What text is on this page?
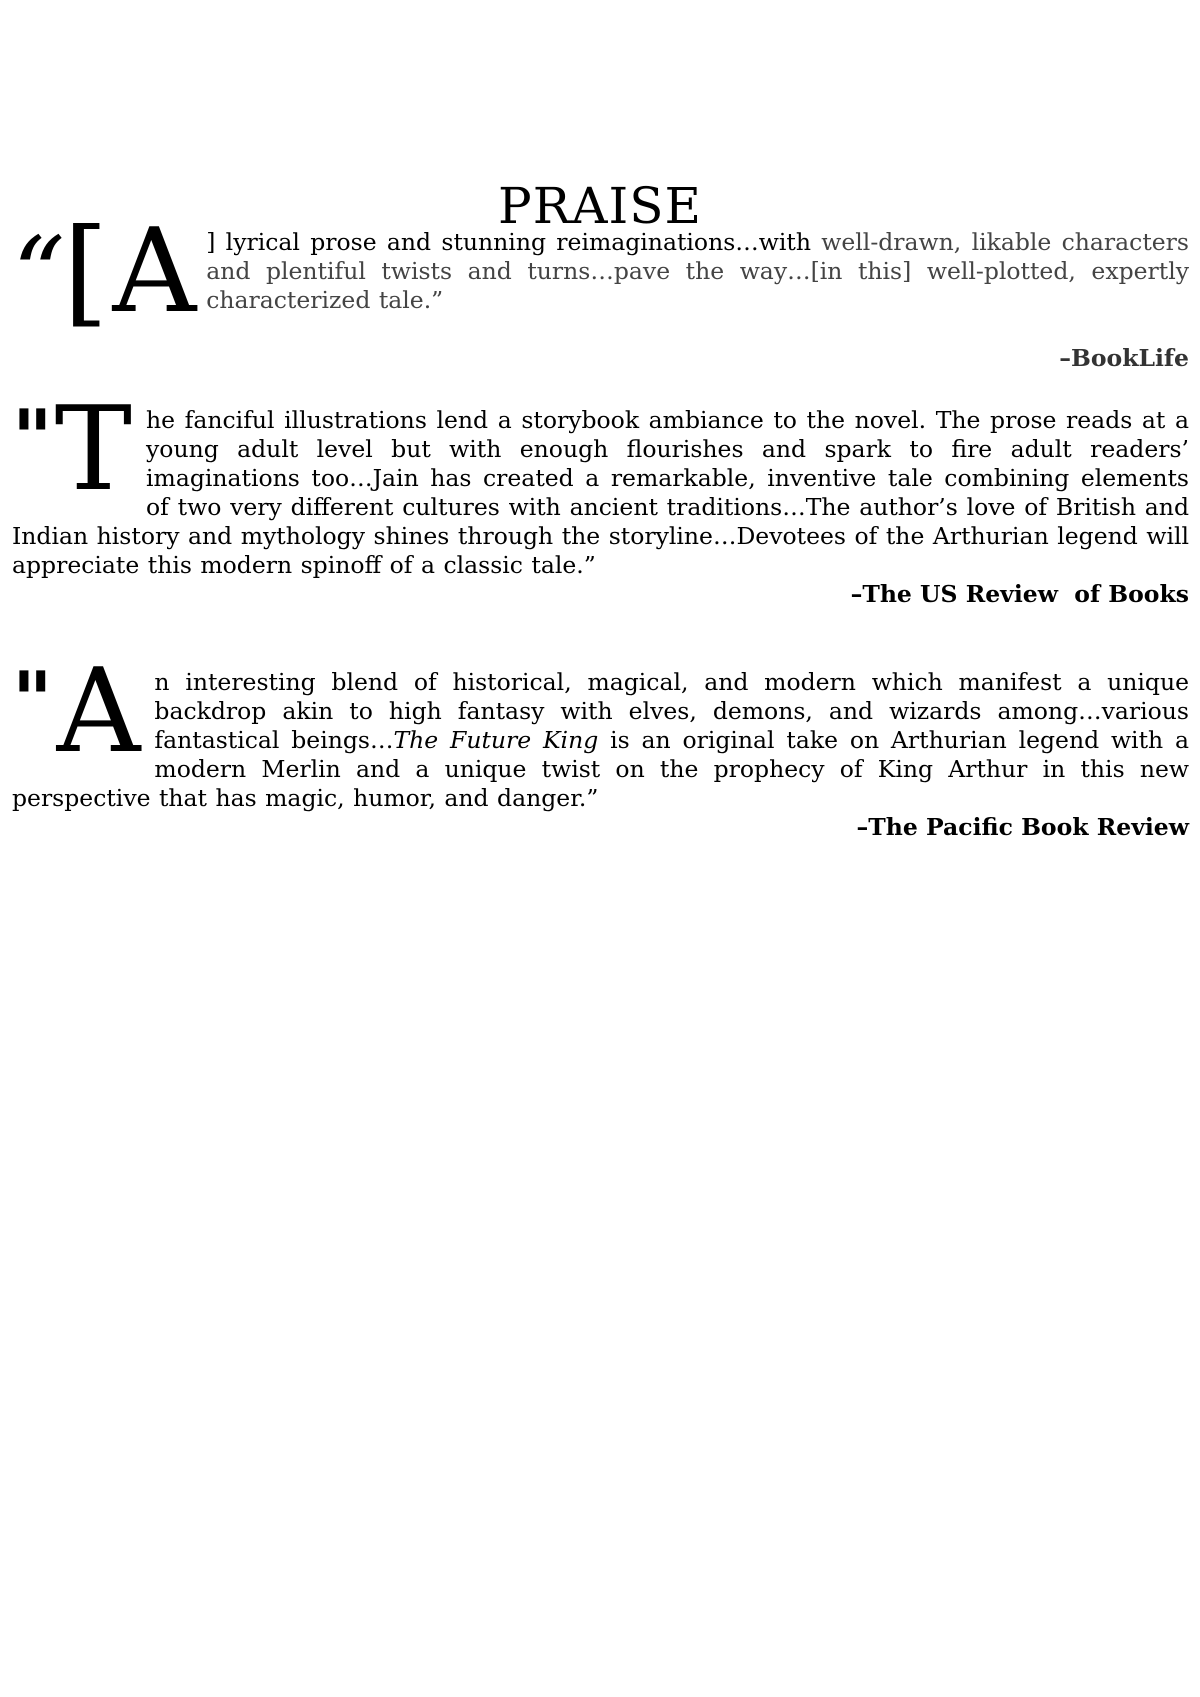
PRAISE
“[A ] lyrical prose and stunning reimaginations…with well-drawn, likable characters and plentiful twists and turns…pave the way…[in this] well-plotted, expertly characterized tale.”

–BookLife
"T he fanciful illustrations lend a storybook ambiance to the novel. The prose reads at a young adult level but with enough flourishes and spark to fire adult readers’ imaginations too…Jain has created a remarkable, inventive tale combining elements of two very different cultures with ancient traditions…The author’s love of British and Indian history and mythology shines through the storyline…Devotees of the Arthurian legend will appreciate this modern spinoff of a classic tale.”

–The US Review  of Books
"A n interesting blend of historical, magical, and modern which manifest a unique backdrop akin to high fantasy with elves, demons, and wizards among…various fantastical beings…The Future King is an original take on Arthurian legend with a modern Merlin and a unique twist on the prophecy of King Arthur in this new perspective that has magic, humor, and danger.”

–The Pacific Book Review
